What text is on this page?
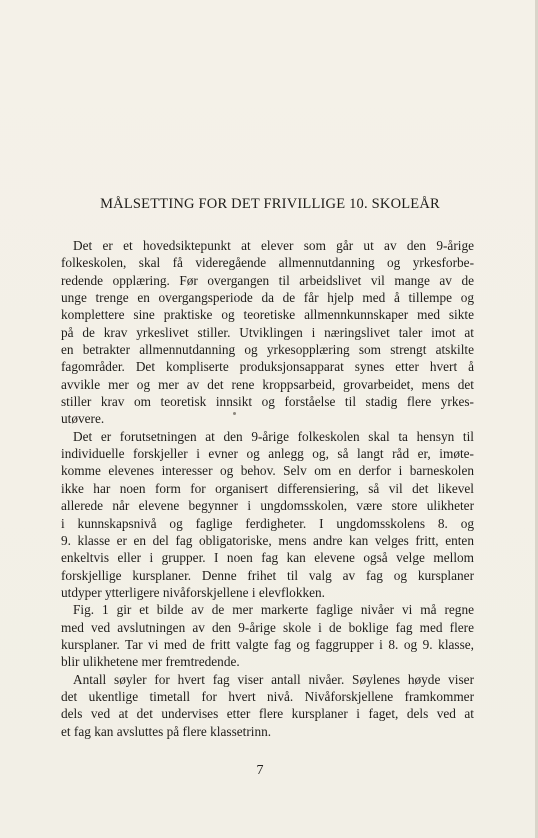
MÅLSETTING FOR DET FRIVILLIGE 10. SKOLEÅR

Det er et hovedsiktepunkt at elever som går ut av den 9-årige
folkeskolen, skal få videregående allmennutdanning og yrkesforbe-
redende opplæring. Før overgangen til arbeidslivet vil mange av de
unge trenge en overgangsperiode da de får hjelp med å tillempe og
komplettere sine praktiske og teoretiske allmennkunnskaper med sikte
på de krav yrkeslivet stiller. Utviklingen i næringslivet taler imot at
en betrakter allmennutdanning og yrkesopplæring som strengt atskilte
fagområder. Det kompliserte produksjonsapparat synes etter hvert å
avvikle mer og mer av det rene kroppsarbeid, grovarbeidet, mens det
stiller krav om teoretisk innsikt og forståelse til stadig flere yrkes-
utøvere.

Det er forutsetningen at den 9-årige folkeskolen skal ta hensyn til
individuelle forskjeller i evner og anlegg og, så langt råd er, imøte-
komme elevenes interesser og behov. Selv om en derfor i barneskolen
ikke har noen form for organisert differensiering, så vil det likevel
allerede når elevene begynner i ungdomsskolen, være store ulikheter
i kunnskapsnivå og faglige ferdigheter. I ungdomsskolens 8. og
9. klasse er en del fag obligatoriske, mens andre kan velges fritt, enten
enkeltvis eller i grupper. I noen fag kan elevene også velge mellom
forskjellige kursplaner. Denne frihet til valg av fag og kursplaner
utdyper ytterligere nivåforskjellene i elevflokken.

Fig. 1 gir et bilde av de mer markerte faglige nivåer vi må regne
med ved avslutningen av den 9-årige skole i de boklige fag med flere
kursplaner. Tar vi med de fritt valgte fag og faggrupper i 8. og 9. klasse,
blir ulikhetene mer fremtredende.

Antall søyler for hvert fag viser antall nivåer. Søylenes høyde viser
det ukentlige timetall for hvert nivå. Nivåforskjellene framkommer
dels ved at det undervises etter flere kursplaner i faget, dels ved at
et fag kan avsluttes på flere klassetrinn.

7
